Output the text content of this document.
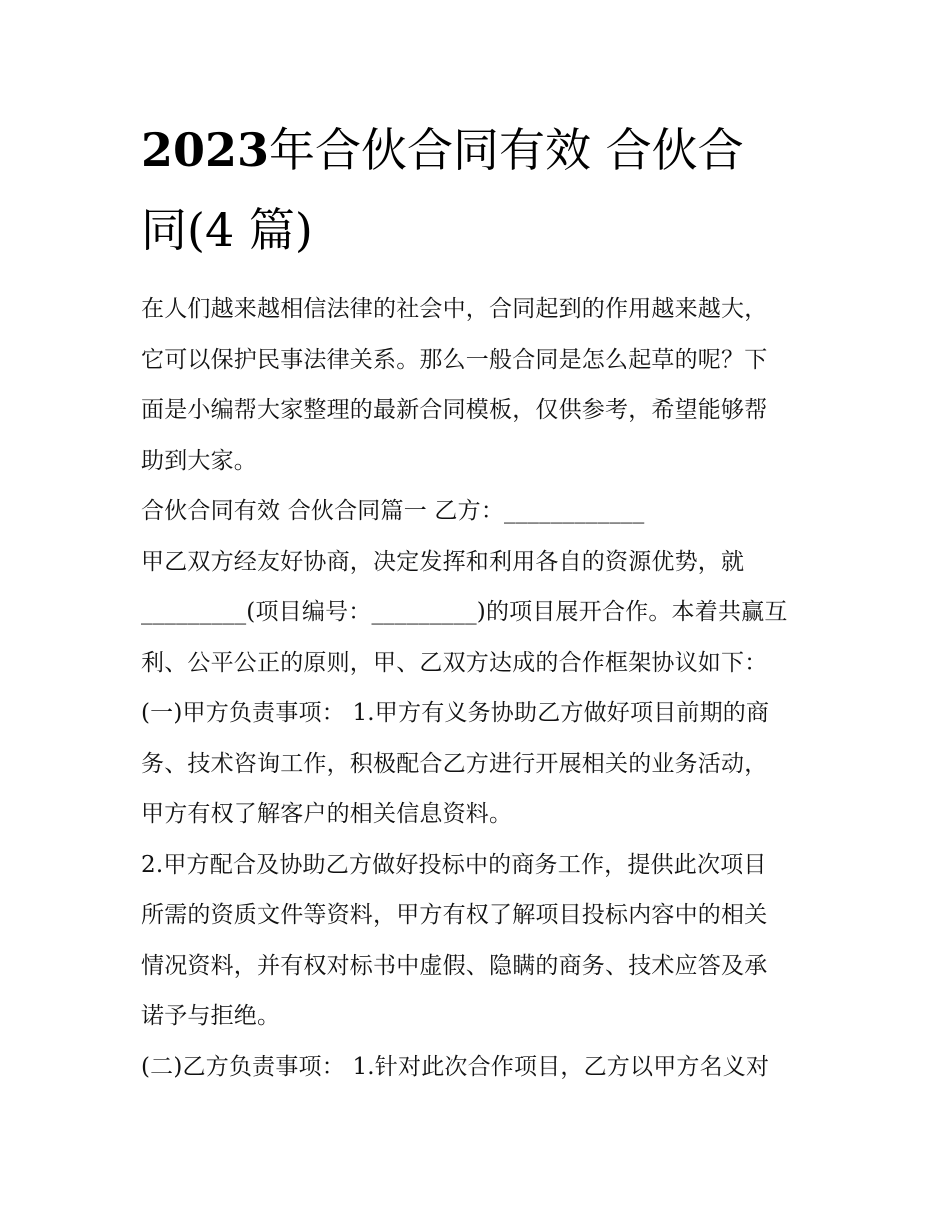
2023年合伙合同有效 合伙合
同(4 篇)
在人们越来越相信法律的社会中，合同起到的作用越来越大，
它可以保护民事法律关系。那么一般合同是怎么起草的呢？下
面是小编帮大家整理的最新合同模板，仅供参考，希望能够帮
助到大家。
合伙合同有效 合伙合同篇一 乙方：____________
甲乙双方经友好协商，决定发挥和利用各自的资源优势，就
_________(项目编号：_________)的项目展开合作。本着共赢互
利、公平公正的原则，甲、乙双方达成的合作框架协议如下：
(一)甲方负责事项： 1.甲方有义务协助乙方做好项目前期的商
务、技术咨询工作，积极配合乙方进行开展相关的业务活动，
甲方有权了解客户的相关信息资料。
2.甲方配合及协助乙方做好投标中的商务工作，提供此次项目
所需的资质文件等资料，甲方有权了解项目投标内容中的相关
情况资料，并有权对标书中虚假、隐瞒的商务、技术应答及承
诺予与拒绝。
(二)乙方负责事项： 1.针对此次合作项目，乙方以甲方名义对
